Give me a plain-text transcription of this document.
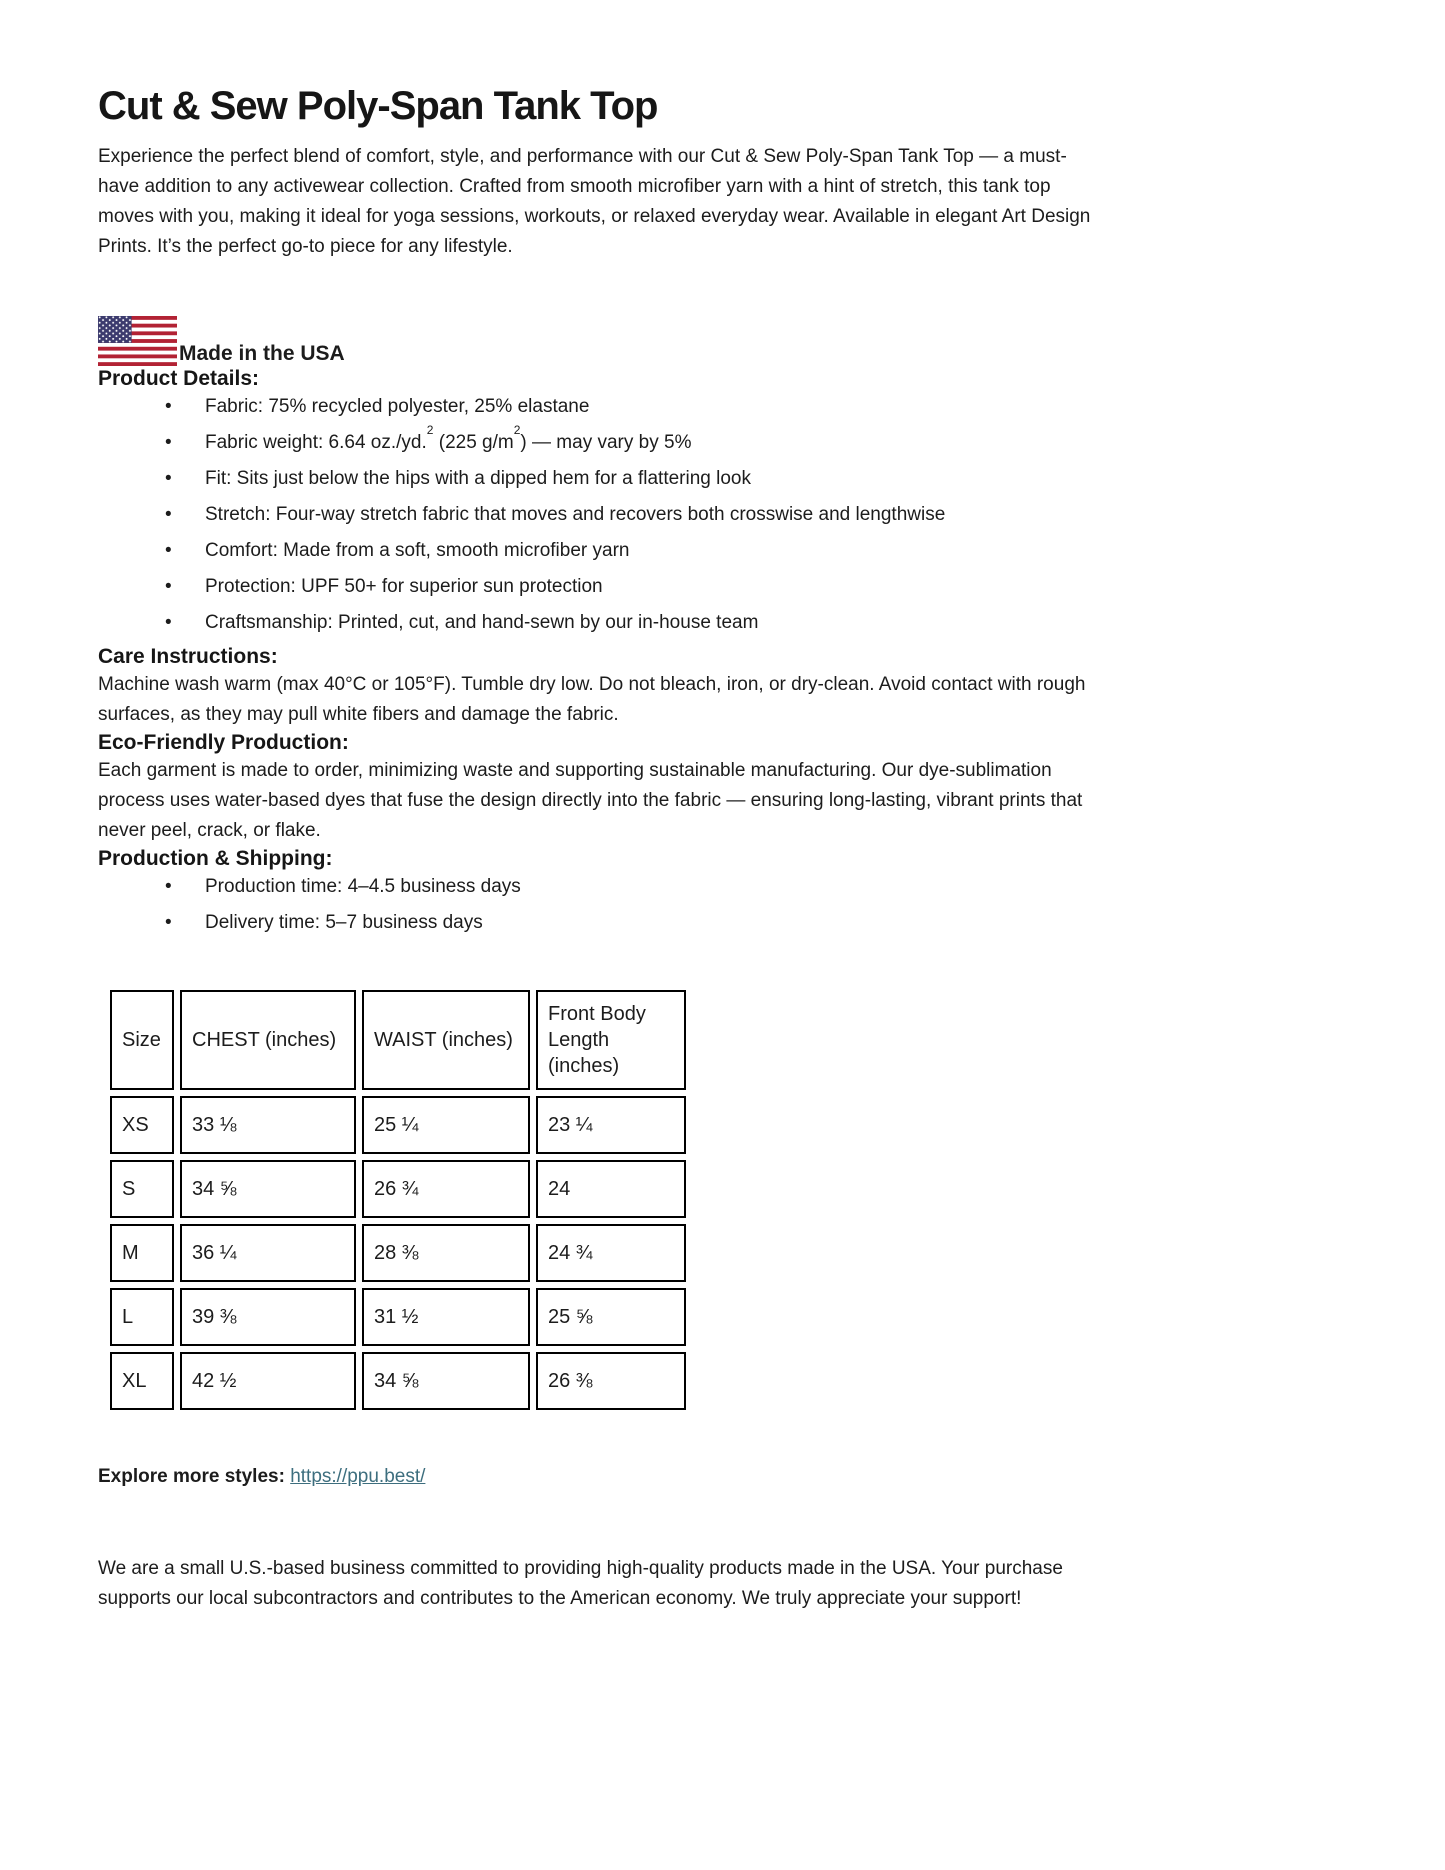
Cut & Sew Poly-Span Tank Top

Experience the perfect blend of comfort, style, and performance with our Cut & Sew Poly-Span Tank Top — a must-have addition to any activewear collection. Crafted from smooth microfiber yarn with a hint of stretch, this tank top moves with you, making it ideal for yoga sessions, workouts, or relaxed everyday wear. Available in elegant Art Design Prints. It’s the perfect go-to piece for any lifestyle.

Made in the USA
Product Details:
• Fabric: 75% recycled polyester, 25% elastane
• Fabric weight: 6.64 oz./yd.$^2$ (225 $g/m^2$) — may vary by 5%
• Fit: Sits just below the hips with a dipped hem for a flattering look
• Stretch: Four-way stretch fabric that moves and recovers both crosswise and lengthwise
• Comfort: Made from a soft, smooth microfiber yarn
• Protection: UPF 50+ for superior sun protection
• Craftsmanship: Printed, cut, and hand-sewn by our in-house team
Care Instructions:

Machine wash warm (max 40°C or 105°F). Tumble dry low. Do not bleach, iron, or dry-clean. Avoid contact with rough surfaces, as they may pull white fibers and damage the fabric.

Eco-Friendly Production:

Each garment is made to order, minimizing waste and supporting sustainable manufacturing. Our dye-sublimation process uses water-based dyes that fuse the design directly into the fabric — ensuring long-lasting, vibrant prints that never peel, crack, or flake.

Production & Shipping:
• Production time: 4–4.5 business days
• Delivery time: 5–7 business days
Size	CHEST (inches)	WAIST (inches)	Front Body Length (inches)
XS	33 ⅛	25 ¼	23 ¼
S	34 ⅝	26 ¾	24
M	36 ¼	28 ⅜	24 ¾
L	39 ⅜	31 ½	25 ⅝
XL	42 ½	34 ⅝	26 ⅜

Explore more styles: https://ppu.best/

We are a small U.S.-based business committed to providing high-quality products made in the USA. Your purchase supports our local subcontractors and contributes to the American economy. We truly appreciate your support!
